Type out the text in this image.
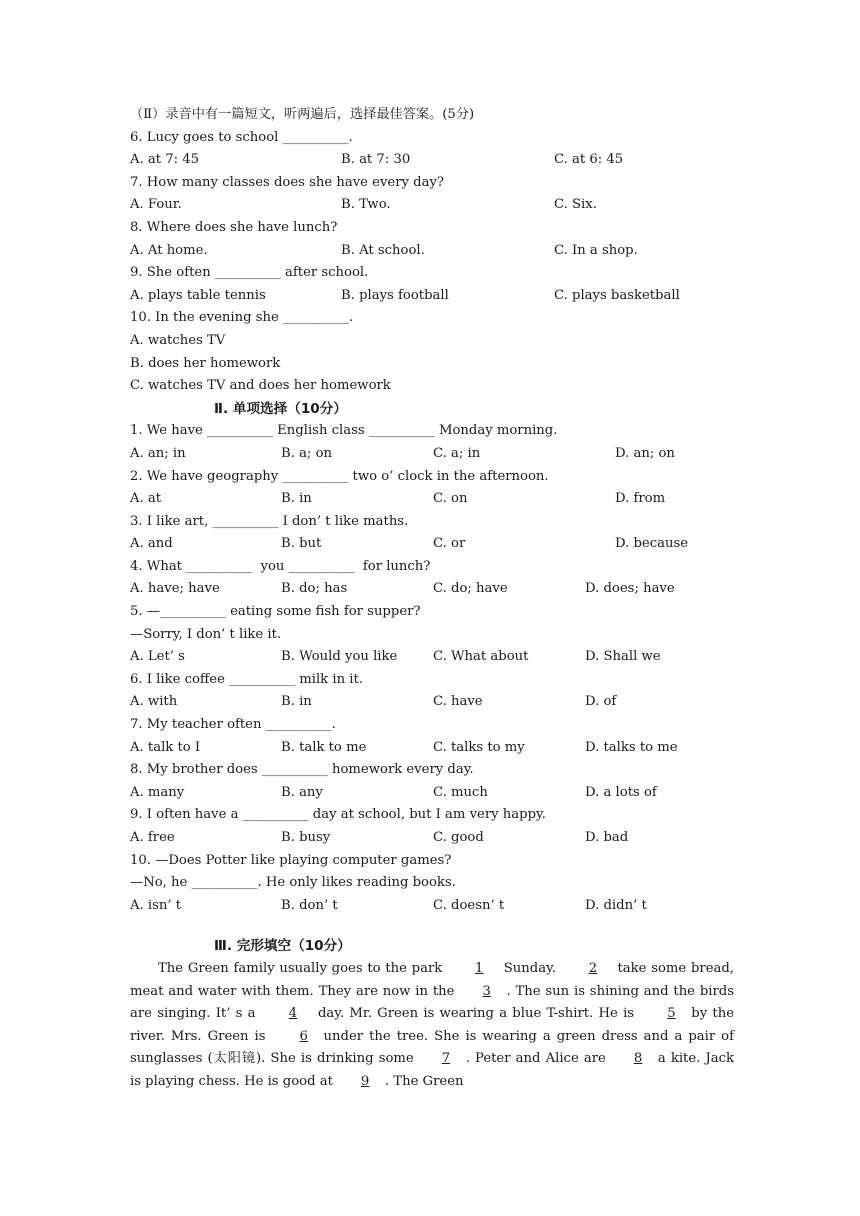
（Ⅱ）录音中有一篇短文，听两遍后，选择最佳答案。(5分)
6. Lucy goes to school __________.

A. at 7: 45

	B. at 7: 30

	C. at 6: 45

7. How many classes does she have every day?

A. Four.

	B. Two.

	C. Six.

8. Where does she have lunch?

A. At home.

	B. At school.

	C. In a shop.

9. She often __________ after school.

A. plays table tennis

	B. plays football

	C. plays basketball

10. In the evening she __________.
A. watches TV
B. does her homework
C. watches TV and does her homework
Ⅱ. 单项选择（10分）
1. We have __________ English class __________ Monday morning.

A. an; in

	B. a; on

	C. a; in

	D. an; on

2. We have geography __________ two o’ clock in the afternoon.

A. at

	B. in

	C. on

	D. from

3. I like art, __________ I don’ t like maths.

A. and

	B. but

	C. or

	D. because

4. What __________  you __________  for lunch?

A. have; have

	B. do; has

	C. do; have

	D. does; have

5. —__________ eating some fish for supper?
—Sorry, I don’ t like it.

A. Let’ s

	B. Would you like

	C. What about

	D. Shall we

6. I like coffee __________ milk in it.

A. with

	B. in

	C. have

	D. of

7. My teacher often __________.

A. talk to I

	B. talk to me

	C. talks to my

	D. talks to me

8. My brother does __________ homework every day.

A. many

	B. any

	C. much

	D. a lots of

9. I often have a __________ day at school, but I am very happy.

A. free

	B. busy

	C. good

	D. bad

10. —Does Potter like playing computer games?
—No, he __________. He only likes reading books.

A. isn’ t

	B. don’ t

	C. doesn’ t

	D. didn’ t

Ⅲ. 完形填空（10分）
The Green family usually goes to the park 1 Sunday. 2 take some bread, meat and water with them. They are now in the 3 . The sun is shining and the birds are singing. It’ s a 4 day. Mr. Green is wearing a blue T-shirt. He is 5 by the river. Mrs. Green is 6 under the tree. She is wearing a green dress and a pair of sunglasses (太阳镜). She is drinking some 7 . Peter and Alice are 8 a kite. Jack is playing chess. He is good at 9 . The Green
